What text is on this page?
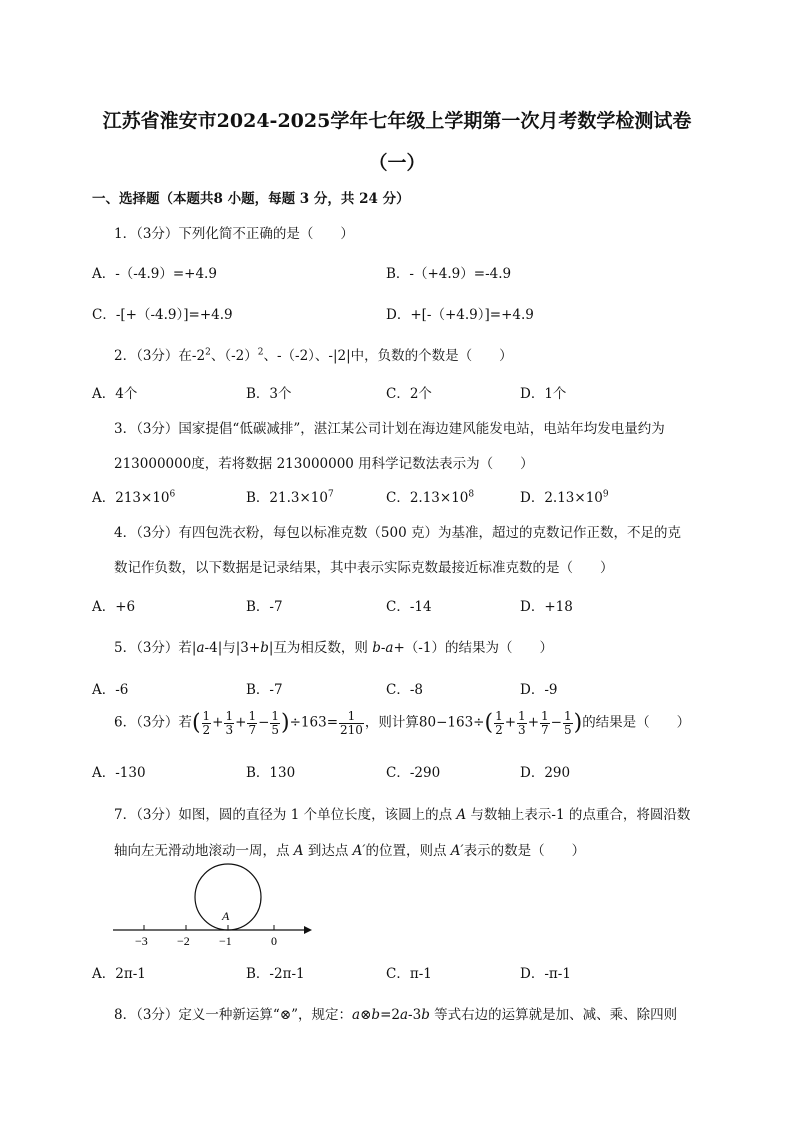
江苏省淮安市2024-2025学年七年级上学期第一次月考数学检测试卷
（一）
一、选择题（本题共8 小题，每题 3 分，共 24 分）
1．（3分）下列化简不正确的是（　　）
A．-（-4.9）=+4.9	B．-（+4.9）=-4.9
C．-[+（-4.9）]=+4.9	D．+[-（+4.9）]=+4.9
2．（3分）在$-2^2$、$(-2)^2$、-（-2）、-|2|中，负数的个数是（　　）
A．4个	B．3个	C．2个	D．1个
3．（3分）国家提倡“低碳减排”，湛江某公司计划在海边建风能发电站，电站年均发电量约为
213000000度，若将数据 213000000 用科学记数法表示为（　　）
A．$213\times 10^6$	B．$21.3\times 10^7$	C．$2.13\times 10^8$	D．$2.13\times 10^9$
4．（3分）有四包洗衣粉，每包以标准克数（500 克）为基准，超过的克数记作正数，不足的克
数记作负数，以下数据是记录结果，其中表示实际克数最接近标准克数的是（　　）
A．+6	B．-7	C．-14	D．+18
5．（3分）若|a-4|与|3+b|互为相反数，则 b-a+（-1）的结果为（　　）
A．-6	B．-7	C．-8	D．-9
6．（3分）若( $\frac{1}{2} + \frac{1}{3} + \frac{1}{7} - \frac{1}{5} )\div 163= \frac{1}{210}$ ，则计算$80-163\div( \frac{1}{2} + \frac{1}{3} + \frac{1}{7} - \frac{1}{5}$ )的结果是（　　）
A．-130	B．130	C．-290	D．290
7．（3分）如图，圆的直径为 1 个单位长度，该圆上的点 A 与数轴上表示-1 的点重合，将圆沿数
轴向左无滑动地滚动一周，点 A 到达点 A′的位置，则点 A′表示的数是（　　）
A
−3 −2 −1	0
A．2π-1	B．-2π-1	C．π-1	D．-π-1
8．（3分）定义一种新运算“⊗”，规定：a⊗b=2a-3b 等式右边的运算就是加、减、乘、除四则
